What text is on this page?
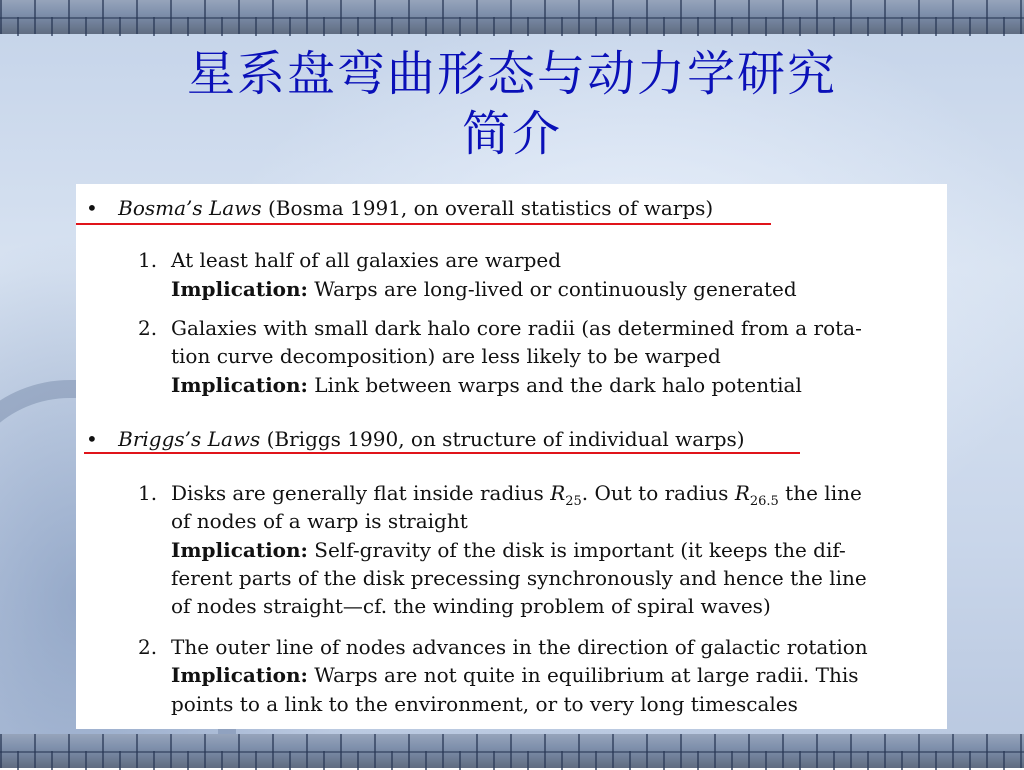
星系盘弯曲形态与动力学研究
简介
• Bosma’s Laws (Bosma 1991, on overall statistics of warps)
1. At least half of all galaxies are warped
Implication: Warps are long-lived or continuously generated
2. Galaxies with small dark halo core radii (as determined from a rota-
tion curve decomposition) are less likely to be warped
Implication: Link between warps and the dark halo potential
• Briggs’s Laws (Briggs 1990, on structure of individual warps)
1. Disks are generally flat inside radius $R_{25}$. Out to radius $R_{26.5}$ the line
of nodes of a warp is straight
Implication: Self-gravity of the disk is important (it keeps the dif-
ferent parts of the disk precessing synchronously and hence the line
of nodes straight—cf. the winding problem of spiral waves)
2. The outer line of nodes advances in the direction of galactic rotation
Implication: Warps are not quite in equilibrium at large radii. This
points to a link to the environment, or to very long timescales
